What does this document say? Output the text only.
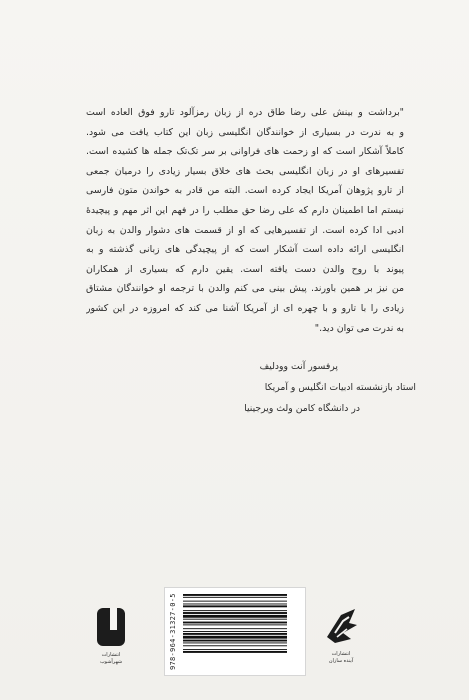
"برداشت و بینش علی رضا طاق دره از زبان رمزآلود تارو فوق العاده است
و به ندرت در بسیاری از خوانندگان انگلیسی زبان این کتاب یافت می شود.
کاملاً آشکار است که او زحمت های فراوانی بر سر تک‌تک جمله ها کشیده است.
تفسیرهای او در زبان انگلیسی بحث های خلاق بسیار زیادی را درمیان جمعی
از تارو پژوهان آمریکا ایجاد کرده است. البته من قادر به خواندن متون فارسی
نیستم اما اطمینان دارم که علی رضا حق مطلب را در فهم این اثر مهم و پیچیدهٔ
ادبی ادا کرده است. از تفسیرهایی که او از قسمت های دشوار والدن به زبان
انگلیسی ارائه داده است آشکار است که از پیچیدگی های زبانی گذشته و به
پیوند با روح والدن دست یافته است. یقین دارم که بسیاری از همکاران
من نیز بر همین باورند. پیش بینی می کنم والدن با ترجمه او خوانندگان مشتاق
زیادی را با تارو و با چهره ای از آمریکا آشنا می کند که امروزه در این کشور
به ندرت می توان دید."

پرفسور آنت وودلیف
استاد بازنشسته ادبیات انگلیس و آمریکا
در دانشگاه کامن ولث ویرجینیا
انتشارات
شهرآشوب	978-964-31327-0-5	انتشارات
آینده سازان
